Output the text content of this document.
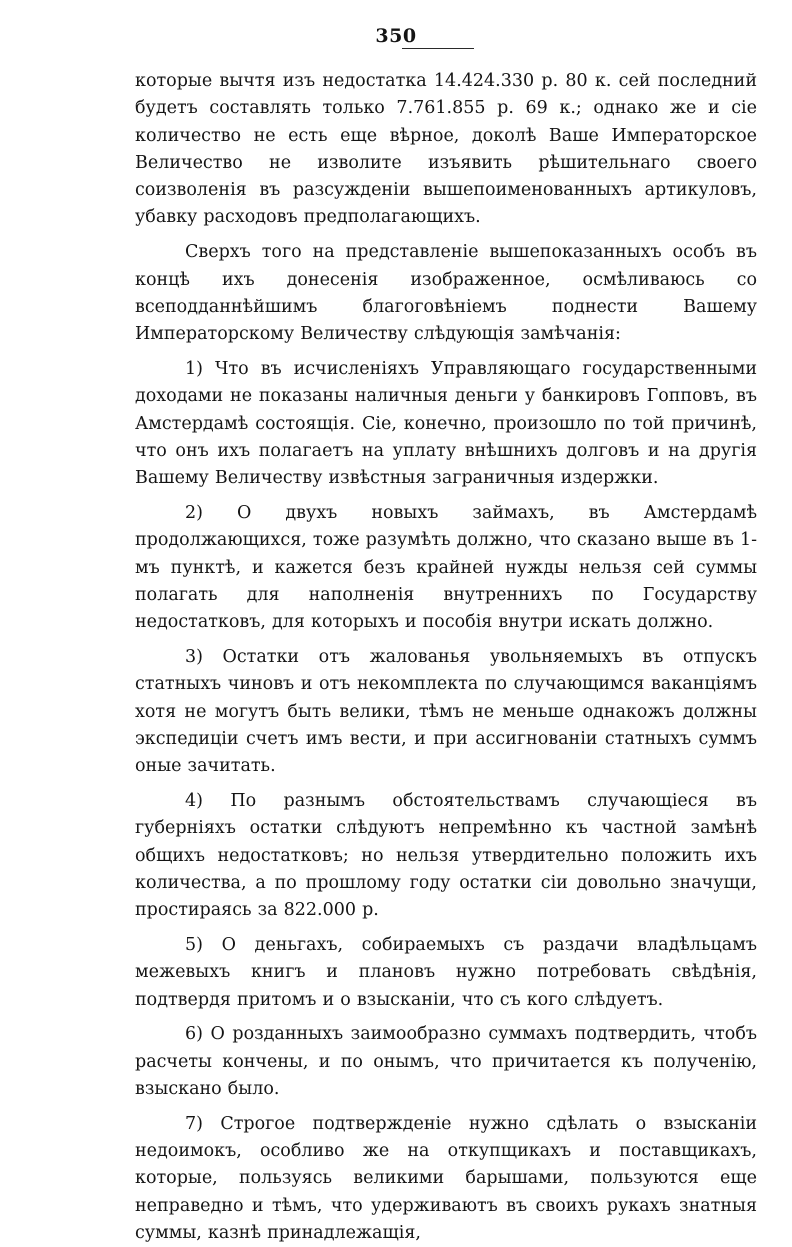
350

которые вычтя изъ недостатка 14.424.330 р. 80 к. сей последний будетъ составлять только 7.761.855 р. 69 к.; однако же и сіе количество не есть еще вѣрное, доколѣ Ваше Императорское Величество не изволите изъявить рѣшительнаго своего соизволенія въ разсужденіи вышепоименованныхъ артикуловъ, убавку расходовъ предполагающихъ.

Сверхъ того на представленіе вышепоказанныхъ особъ въ концѣ ихъ донесенія изображенное, осмѣливаюсь со всеподданнѣйшимъ благоговѣніемъ поднести Вашему Императорскому Величеству слѣдующія замѣчанія:

1) Что въ исчисленіяхъ Управляющаго государственными доходами не показаны наличныя деньги у банкировъ Гопповъ, въ Амстердамѣ состоящія. Сіе, конечно, произошло по той причинѣ, что онъ ихъ полагаетъ на уплату внѣшнихъ долговъ и на другія Вашему Величеству извѣстныя заграничныя издержки.

2) О двухъ новыхъ займахъ, въ Амстердамѣ продолжающихся, тоже разумѣть должно, что сказано выше въ 1-мъ пунктѣ, и кажется безъ крайней нужды нельзя сей суммы полагать для наполненія внутреннихъ по Государству недостатковъ, для которыхъ и пособія внутри искать должно.

3) Остатки отъ жалованья увольняемыхъ въ отпускъ статныхъ чиновъ и отъ некомплекта по случающимся ваканціямъ хотя не могутъ быть велики, тѣмъ не меньше однакожъ должны экспедиціи счетъ имъ вести, и при ассигнованіи статныхъ суммъ оные зачитать.

4) По разнымъ обстоятельствамъ случающіеся въ губерніяхъ остатки слѣдуютъ непремѣнно къ частной замѣнѣ общихъ недостатковъ; но нельзя утвердительно положить ихъ количества, а по прошлому году остатки сіи довольно значущи, простираясь за 822.000 р.

5) О деньгахъ, собираемыхъ съ раздачи владѣльцамъ межевыхъ книгъ и плановъ нужно потребовать свѣдѣнія, подтвердя притомъ и о взысканіи, что съ кого слѣдуетъ.

6) О розданныхъ заимообразно суммахъ подтвердить, чтобъ расчеты кончены, и по онымъ, что причитается къ полученію, взыскано было.

7) Строгое подтвержденіе нужно сдѣлать о взысканіи недоимокъ, особливо же на откупщикахъ и поставщикахъ, которые, пользуясь великими барышами, пользуются еще неправедно и тѣмъ, что удерживаютъ въ своихъ рукахъ знатныя суммы, казнѣ принадлежащія,
